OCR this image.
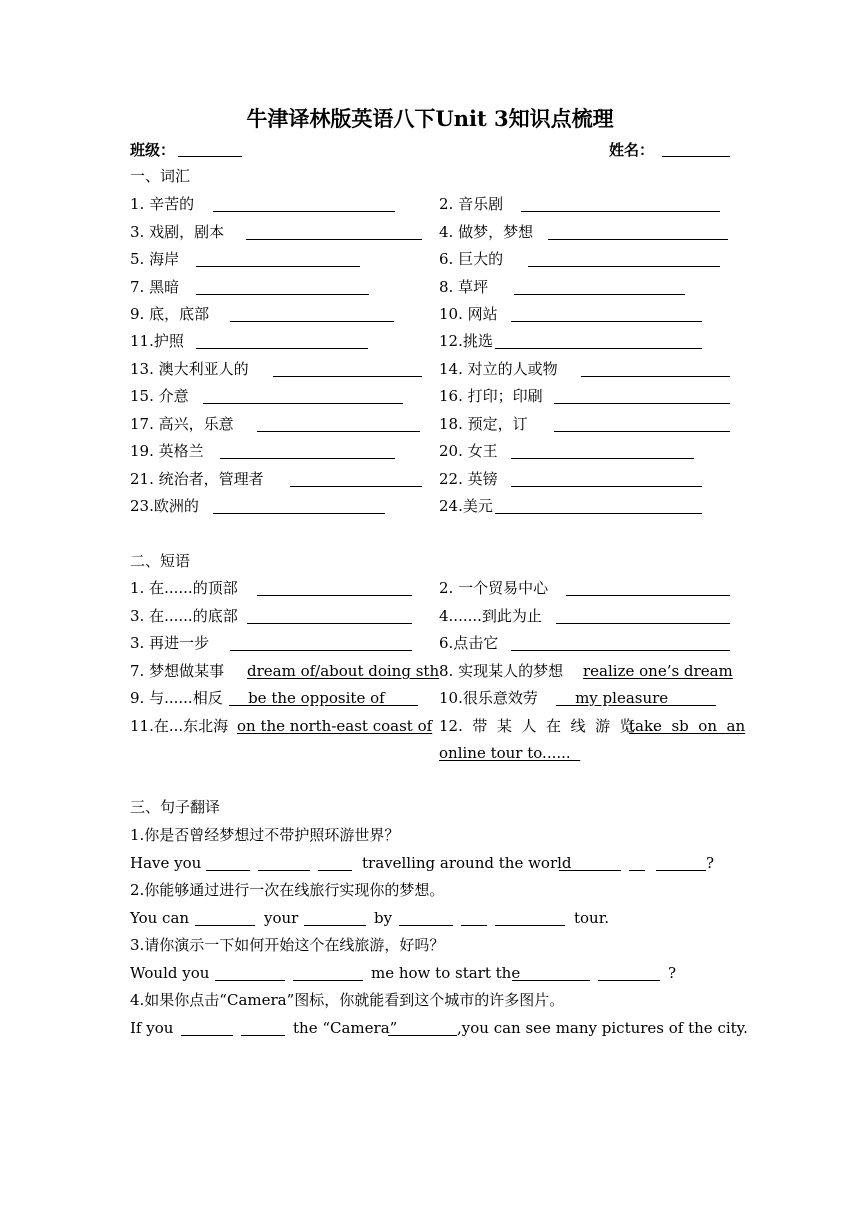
牛津译林版英语八下Unit 3知识点梳理
班级：	姓名：
一、词汇
1. 辛苦的	2. 音乐剧
3. 戏剧，剧本	4. 做梦，梦想
5. 海岸	6. 巨大的
7. 黑暗	8. 草坪
9. 底，底部	10. 网站
11.护照	12.挑选
13. 澳大利亚人的	14. 对立的人或物
15. 介意	16. 打印；印刷
17. 高兴，乐意	18. 预定，订
19. 英格兰	20. 女王
21. 统治者，管理者	22. 英镑
23.欧洲的	24.美元
二、短语
1. 在......的顶部	2. 一个贸易中心
3. 在......的底部	4.......到此为止
3. 再进一步	6.点击它
7. 梦想做某事 dream of/about doing sth 8. 实现某人的梦想 realize one’s dream
9. 与......相反 be the opposite of 10.很乐意效劳 my pleasure
11.在...东北海 on the north-east coast of 12.  带  某  人  在  线  游  览  ...
take  sb  on  an
online tour to......
三、句子翻译
1.你是否曾经梦想过不带护照环游世界？
Have you	travelling around the world	?
2.你能够通过进行一次在线旅行实现你的梦想。
You can	your	by	tour.
3.请你演示一下如何开始这个在线旅游，好吗？
Would you	me how to start the	?
4.如果你点击“Camera”图标，你就能看到这个城市的许多图片。
If you	the “Camera”	,you can see many pictures of the city.
